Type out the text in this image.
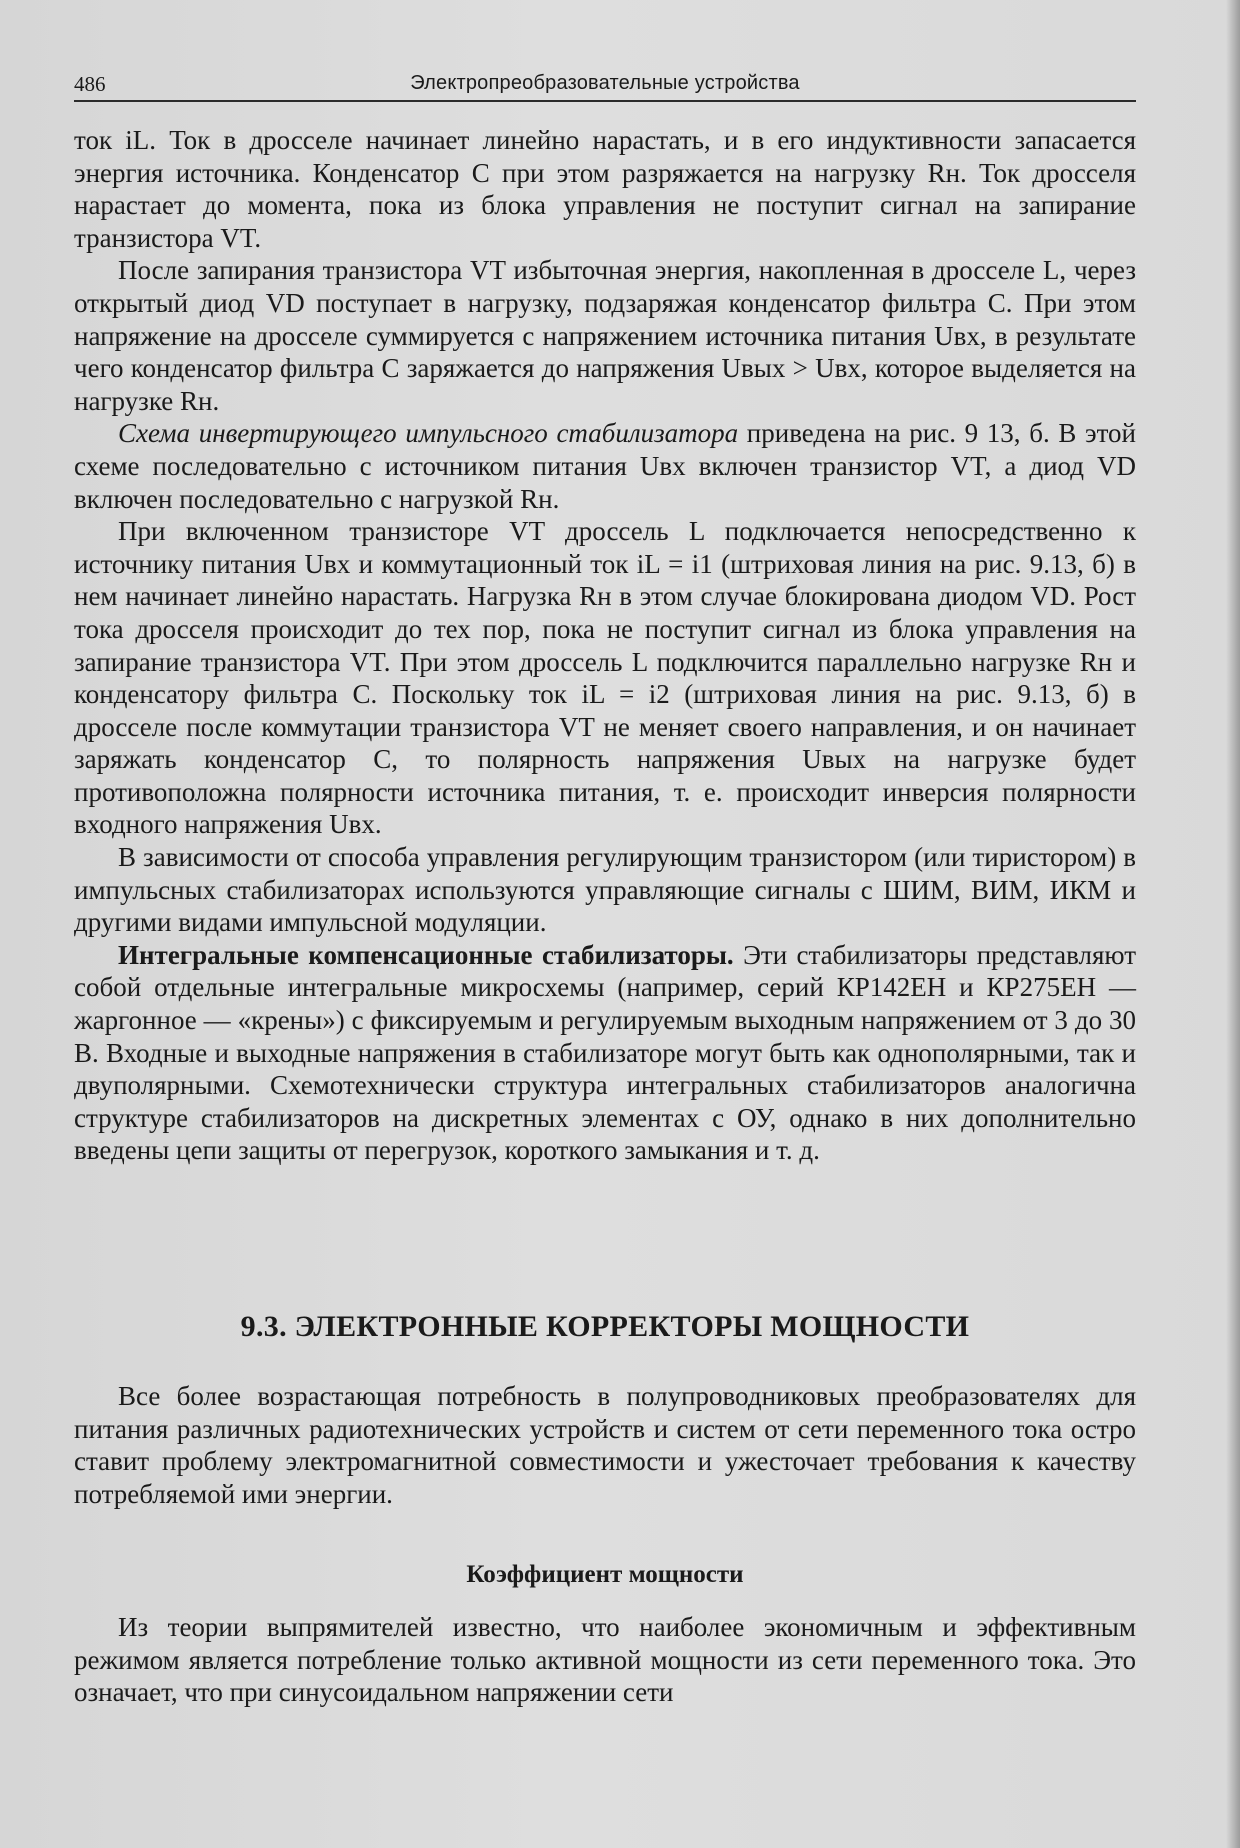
486	Электропреобразовательные устройства

ток iL. Ток в дросселе начинает линейно нарастать, и в его индуктивности запасается энергия источника. Конденсатор C при этом разряжается на нагрузку Rн. Ток дросселя нарастает до момента, пока из блока управления не поступит сигнал на запирание транзистора VT.

После запирания транзистора VT избыточная энергия, накопленная в дросселе L, через открытый диод VD поступает в нагрузку, подзаряжая конденсатор фильтра C. При этом напряжение на дросселе суммируется с напряжением источника питания Uвх, в результате чего конденсатор фильтра C заряжается до напряжения Uвых > Uвх, которое выделяется на нагрузке Rн.

Схема инвертирующего импульсного стабилизатора приведена на рис. 9 13, б. В этой схеме последовательно с источником питания Uвх включен транзистор VT, а диод VD включен последовательно с нагрузкой Rн.

При включенном транзисторе VT дроссель L подключается непосредственно к источнику питания Uвх и коммутационный ток iL = i1 (штриховая линия на рис. 9.13, б) в нем начинает линейно нарастать. Нагрузка Rн в этом случае блокирована диодом VD. Рост тока дросселя происходит до тех пор, пока не поступит сигнал из блока управления на запирание транзистора VT. При этом дроссель L подключится параллельно нагрузке Rн и конденсатору фильтра C. Поскольку ток iL = i2 (штриховая линия на рис. 9.13, б) в дросселе после коммутации транзистора VT не меняет своего направления, и он начинает заряжать конденсатор C, то полярность напряжения Uвых на нагрузке будет противоположна полярности источника питания, т. е. происходит инверсия полярности входного напряжения Uвх.

В зависимости от способа управления регулирующим транзистором (или тиристором) в импульсных стабилизаторах используются управляющие сигналы с ШИМ, ВИМ, ИКМ и другими видами импульсной модуляции.

Интегральные компенсационные стабилизаторы. Эти стабилизаторы представляют собой отдельные интегральные микросхемы (например, серий КР142ЕН и КР275ЕН — жаргонное — «крены») с фиксируемым и регулируемым выходным напряжением от 3 до 30 В. Входные и выходные напряжения в стабилизаторе могут быть как однополярными, так и двуполярными. Схемотехнически структура интегральных стабилизаторов аналогична структуре стабилизаторов на дискретных элементах с ОУ, однако в них дополнительно введены цепи защиты от перегрузок, короткого замыкания и т. д.

9.3. ЭЛЕКТРОННЫЕ КОРРЕКТОРЫ МОЩНОСТИ

Все более возрастающая потребность в полупроводниковых преобразователях для питания различных радиотехнических устройств и систем от сети переменного тока остро ставит проблему электромагнитной совместимости и ужесточает требования к качеству потребляемой ими энергии.

Коэффициент мощности

Из теории выпрямителей известно, что наиболее экономичным и эффективным режимом является потребление только активной мощности из сети переменного тока. Это означает, что при синусоидальном напряжении сети
